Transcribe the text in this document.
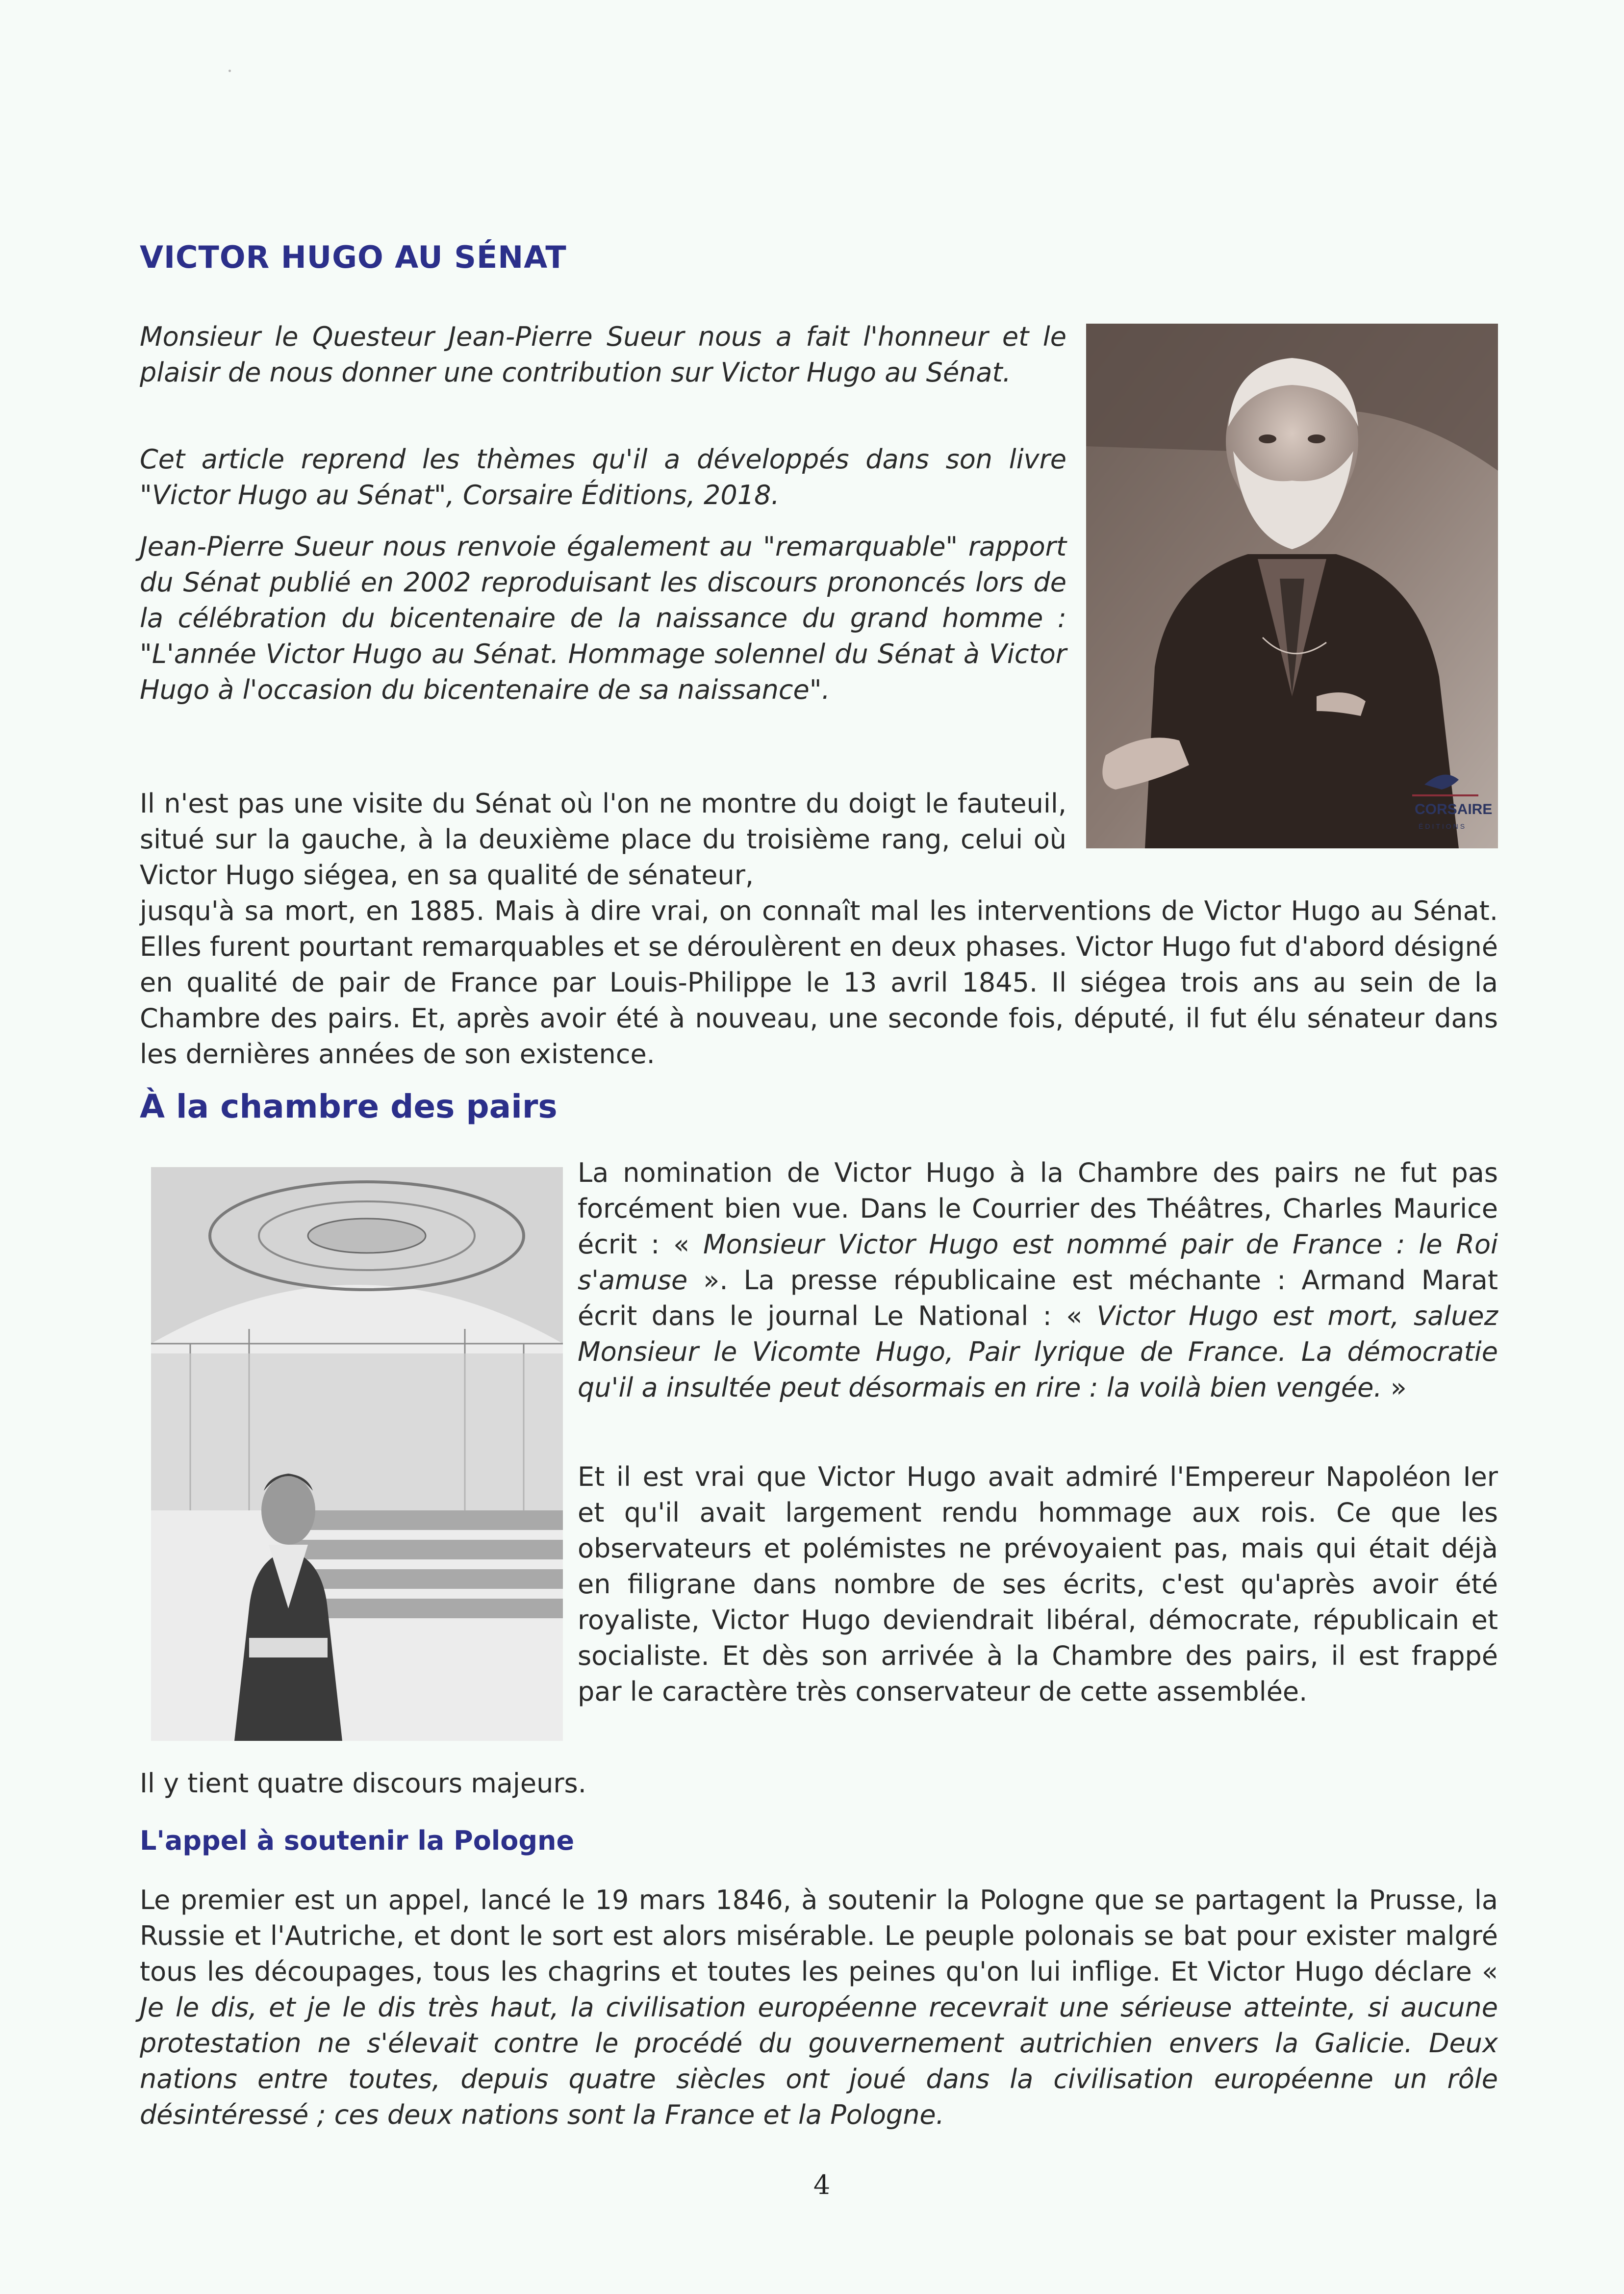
VICTOR HUGO AU SÉNAT

Monsieur le Questeur Jean-Pierre Sueur nous a fait l'honneur et le plaisir de nous donner une contribution sur Victor Hugo au Sénat.

Cet article reprend les thèmes qu'il a développés dans son livre "Victor Hugo au Sénat", Corsaire Éditions, 2018.

Jean-Pierre Sueur nous renvoie également au "remarquable" rapport du Sénat publié en 2002 reproduisant les discours prononcés lors de la célébration du bicentenaire de la naissance du grand homme : "L'année Victor Hugo au Sénat. Hommage solennel du Sénat à Victor Hugo à l'occasion du bicentenaire de sa naissance".

CORSAIRE
ÉDITIONS

Il n'est pas une visite du Sénat où l'on ne montre du doigt le fauteuil, situé sur la gauche, à la deuxième place du troisième rang, celui où Victor Hugo siégea, en sa qualité de sénateur,

jusqu'à sa mort, en 1885. Mais à dire vrai, on connaît mal les interventions de Victor Hugo au Sénat. Elles furent pourtant remarquables et se déroulèrent en deux phases. Victor Hugo fut d'abord désigné en qualité de pair de France par Louis-Philippe le 13 avril 1845. Il siégea trois ans au sein de la Chambre des pairs. Et, après avoir été à nouveau, une seconde fois, député, il fut élu sénateur dans les dernières années de son existence.

À la chambre des pairs

La nomination de Victor Hugo à la Chambre des pairs ne fut pas forcément bien vue. Dans le Courrier des Théâtres, Charles Maurice écrit : « Monsieur Victor Hugo est nommé pair de France : le Roi s'amuse ». La presse républicaine est méchante : Armand Marat écrit dans le journal Le National : « Victor Hugo est mort, saluez Monsieur le Vicomte Hugo, Pair lyrique de France. La démocratie qu'il a insultée peut désormais en rire : la voilà bien vengée. »

Et il est vrai que Victor Hugo avait admiré l'Empereur Napoléon Ier et qu'il avait largement rendu hommage aux rois. Ce que les observateurs et polémistes ne prévoyaient pas, mais qui était déjà en filigrane dans nombre de ses écrits, c'est qu'après avoir été royaliste, Victor Hugo deviendrait libéral, démocrate, républicain et socialiste. Et dès son arrivée à la Chambre des pairs, il est frappé par le caractère très conservateur de cette assemblée.

Il y tient quatre discours majeurs.

L'appel à soutenir la Pologne

Le premier est un appel, lancé le 19 mars 1846, à soutenir la Pologne que se partagent la Prusse, la Russie et l'Autriche, et dont le sort est alors misérable. Le peuple polonais se bat pour exister malgré tous les découpages, tous les chagrins et toutes les peines qu'on lui inflige. Et Victor Hugo déclare « Je le dis, et je le dis très haut, la civilisation européenne recevrait une sérieuse atteinte, si aucune protestation ne s'élevait contre le procédé du gouvernement autrichien envers la Galicie. Deux nations entre toutes, depuis quatre siècles ont joué dans la civilisation européenne un rôle désintéressé ; ces deux nations sont la France et la Pologne.

4
